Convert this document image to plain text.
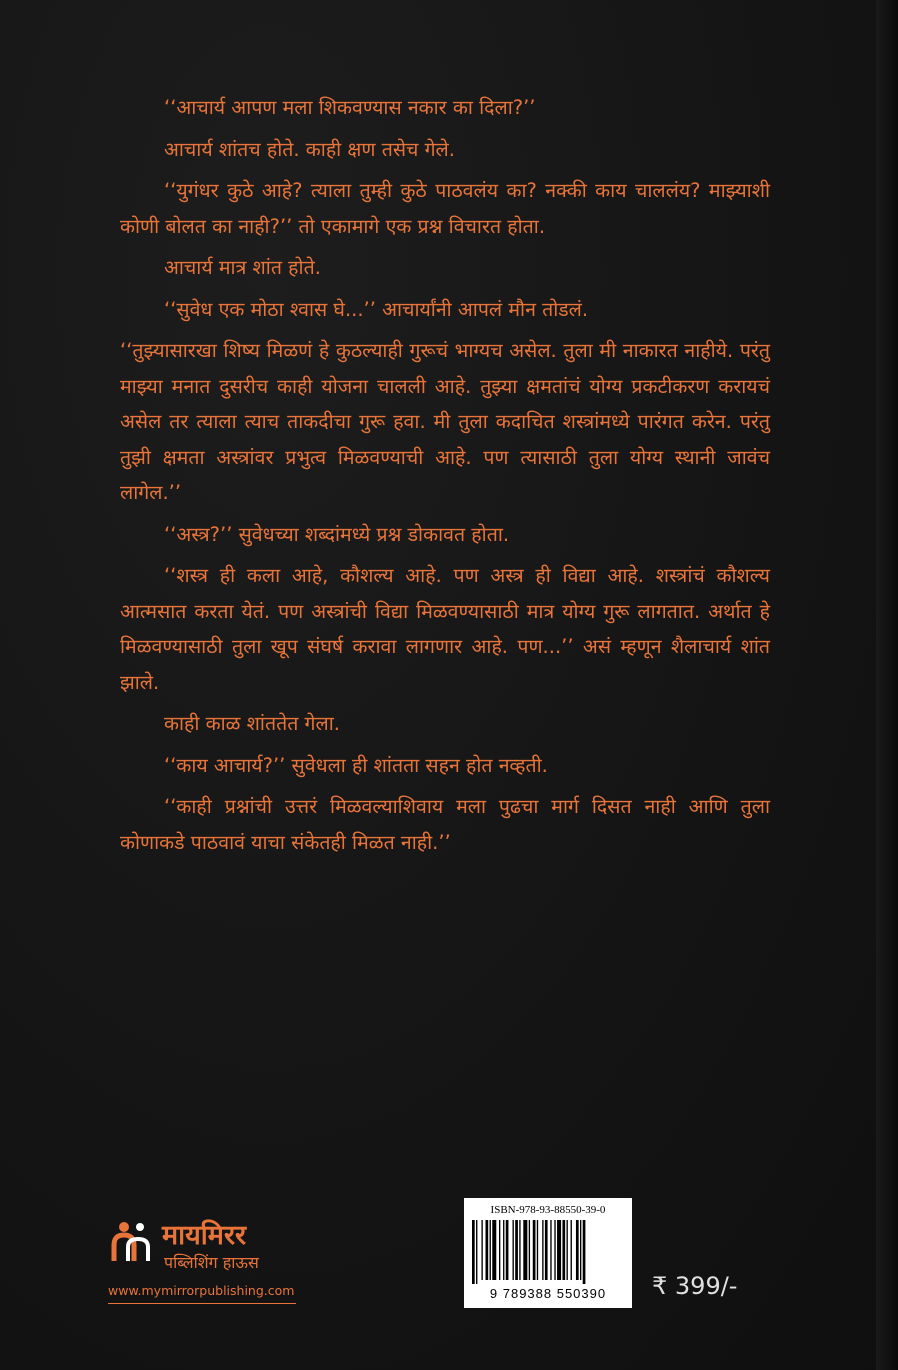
‘‘आचार्य आपण मला शिकवण्यास नकार का दिला?’’

आचार्य शांतच होते. काही क्षण तसेच गेले.

‘‘युगंधर कुठे आहे? त्याला तुम्ही कुठे पाठवलंय का? नक्की काय चाललंय? माझ्याशी कोणी बोलत का नाही?’’ तो एकामागे एक प्रश्न विचारत होता.

आचार्य मात्र शांत होते.

‘‘सुवेध एक मोठा श्वास घे...’’ आचार्यांनी आपलं मौन तोडलं.

‘‘तुझ्यासारखा शिष्य मिळणं हे कुठल्याही गुरूचं भाग्यच असेल. तुला मी नाकारत नाहीये. परंतु माझ्या मनात दुसरीच काही योजना चालली आहे. तुझ्या क्षमतांचं योग्य प्रकटीकरण करायचं असेल तर त्याला त्याच ताकदीचा गुरू हवा. मी तुला कदाचित शस्त्रांमध्ये पारंगत करेन. परंतु तुझी क्षमता अस्त्रांवर प्रभुत्व मिळवण्याची आहे. पण त्यासाठी तुला योग्य स्थानी जावंच लागेल.’’

‘‘अस्त्र?’’ सुवेधच्या शब्दांमध्ये प्रश्न डोकावत होता.

‘‘शस्त्र ही कला आहे, कौशल्य आहे. पण अस्त्र ही विद्या आहे. शस्त्रांचं कौशल्य आत्मसात करता येतं. पण अस्त्रांची विद्या मिळवण्यासाठी मात्र योग्य गुरू लागतात. अर्थात हे मिळवण्यासाठी तुला खूप संघर्ष करावा लागणार आहे. पण...’’ असं म्हणून शैलाचार्य शांत झाले.

काही काळ शांततेत गेला.

‘‘काय आचार्य?’’ सुवेधला ही शांतता सहन होत नव्हती.

‘‘काही प्रश्नांची उत्तरं मिळवल्याशिवाय मला पुढचा मार्ग दिसत नाही आणि तुला कोणाकडे पाठवावं याचा संकेतही मिळत नाही.’’

मायमिरर
पब्लिशिंग हाऊस
www.mymirrorpublishing.com
ISBN-978-93-88550-39-0
9 789388 550390	₹ 399/-
